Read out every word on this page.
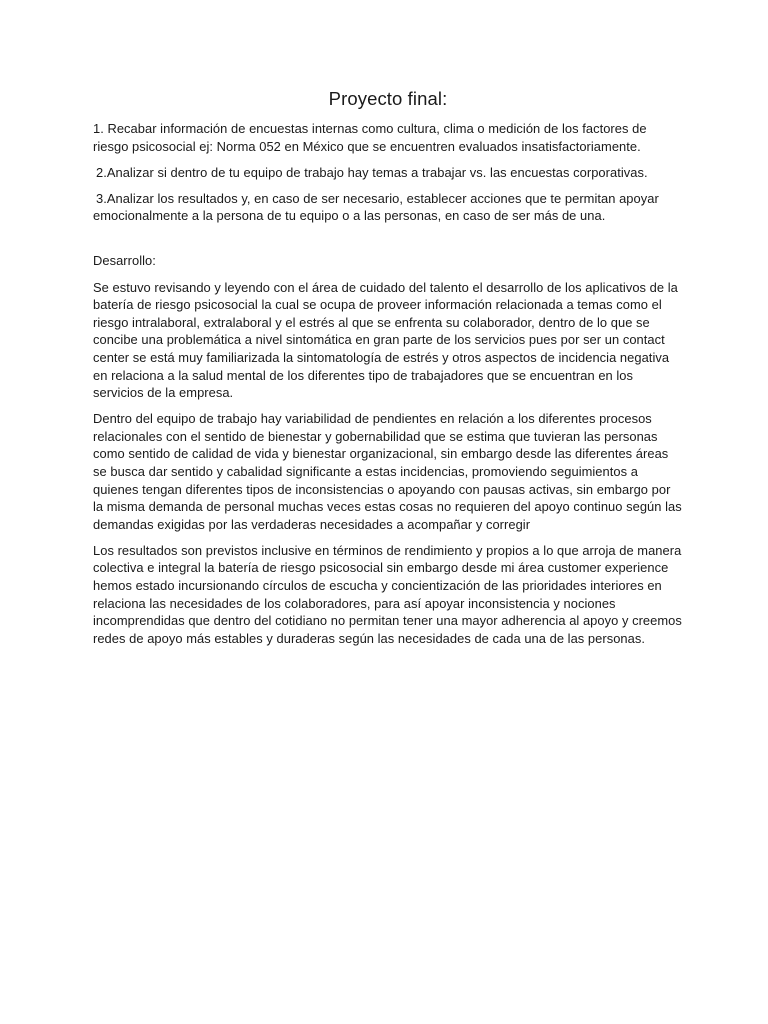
Proyecto final:

1. Recabar información de encuestas internas como cultura, clima o medición de los factores de riesgo psicosocial ej: Norma 052 en México que se encuentren evaluados insatisfactoriamente.

2.Analizar si dentro de tu equipo de trabajo hay temas a trabajar vs. las encuestas corporativas.

3.Analizar los resultados y, en caso de ser necesario, establecer acciones que te permitan apoyar emocionalmente a la persona de tu equipo o a las personas, en caso de ser más de una.

Desarrollo:

Se estuvo revisando y leyendo con el área de cuidado del talento el desarrollo de los aplicativos de la batería de riesgo psicosocial la cual se ocupa de proveer información relacionada a temas como el riesgo intralaboral, extralaboral y el estrés al que se enfrenta su colaborador, dentro de lo que se concibe una problemática a nivel sintomática en gran parte de los servicios pues por ser un contact center se está muy familiarizada la sintomatología de estrés y otros aspectos de incidencia negativa en relaciona a la salud mental de los diferentes tipo de trabajadores que se encuentran en los servicios de la empresa.

Dentro del equipo de trabajo hay variabilidad de pendientes en relación a los diferentes procesos relacionales con el sentido de bienestar y gobernabilidad que se estima que tuvieran las personas como sentido de calidad de vida y bienestar organizacional, sin embargo desde las diferentes áreas se busca dar sentido y cabalidad significante a estas incidencias, promoviendo seguimientos a quienes tengan diferentes tipos de inconsistencias o apoyando con pausas activas, sin embargo por la misma demanda de personal muchas veces estas cosas no requieren del apoyo continuo según las demandas exigidas por las verdaderas necesidades a acompañar y corregir

Los resultados son previstos inclusive en términos de rendimiento y propios a lo que arroja de manera colectiva e integral la batería de riesgo psicosocial sin embargo desde mi área customer experience hemos estado incursionando círculos de escucha y concientización de las prioridades interiores en relaciona las necesidades de los colaboradores, para así apoyar inconsistencia y nociones incomprendidas que dentro del cotidiano no permitan tener una mayor adherencia al apoyo y creemos redes de apoyo más estables y duraderas según las necesidades de cada una de las personas.
